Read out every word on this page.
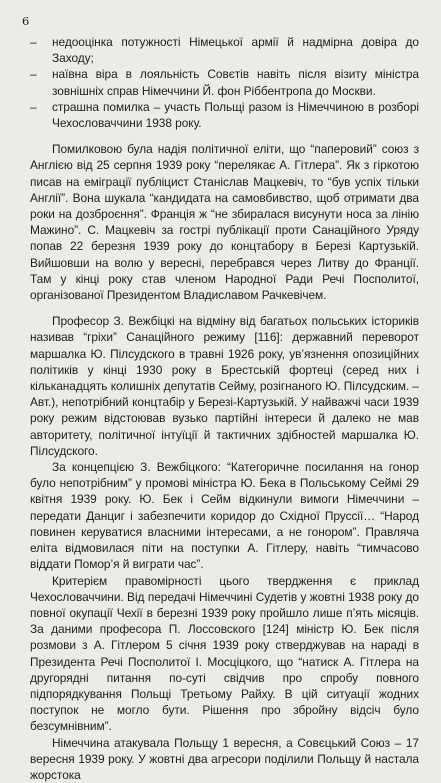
6
– недооцінка потужності Німецької армії й надмірна довіра до Заходу;
– наївна віра в лояльність Совєтів навіть після візиту міністра зовнішніх справ Німеччини Й. фон Ріббентропа до Москви.
– страшна помилка – участь Польщі разом із Німеччиною в розборі Чехословаччини 1938 року.

Помилковою була надія політичної еліти, що “паперовий” союз з Англією від 25 серпня 1939 року “перелякає А. Гітлера”. Як з гіркотою писав на еміграції публіцист Станіслав Мацкевіч, то “був успіх тільки Англії”. Вона шукала “кандидата на самовбивство, щоб отримати два роки на дозброєння”. Франція ж “не збиралася висунути носа за лінію Мажино”. С. Мацкевіч за гострі публікації проти Санаційного Уряду попав 22 березня 1939 року до концтабору в Березі Картузькій. Вийшовши на волю у вересні, перебрався через Литву до Франції. Там у кінці року став членом Народної Ради Речі Посполитої, організованої Президентом Владиславом Рачкевічем.

Професор З. Вежбіцкі на відміну від багатьох польських істориків називав “гріхи” Санаційного режиму [116]: державний переворот маршалка Ю. Пілсудского в травні 1926 року, ув’язнення опозиційних політиків у кінці 1930 року в Брестській фортеці (серед них і кільканадцять колишніх депутатів Сейму, розігнаного Ю. Пілсудским. – Авт.), непотрібний концтабір у Березі-Картузькій. У найважчі часи 1939 року режим відстоював вузько партійні інтереси й далеко не мав авторитету, політичної інтуїції й тактичних здібностей маршалка Ю. Пілсудского.

За концепцією З. Вежбіцкого: “Категоричне посилання на гонор було непотрібним” у промові міністра Ю. Бека в Польському Сеймі 29 квітня 1939 року. Ю. Бек і Сейм відкинули вимоги Німеччини – передати Данциг і забезпечити коридор до Східної Пруссії… “Народ повинен керуватися власними інтересами, а не гонором”. Правляча еліта відмовилася піти на поступки А. Гітлеру, навіть “тимчасово віддати Помор’я й виграти час”.

Критерієм правомірності цього твердження є приклад Чехословаччини. Від передачі Німеччині Судетів у жовтні 1938 року до повної окупації Чехії в березні 1939 року пройшло лише п’ять місяців. За даними професора П. Лоссовского [124] міністр Ю. Бек після розмови з А. Гітлером 5 січня 1939 року стверджував на нараді в Президента Речі Посполитої І. Мосціцкого, що “натиск А. Гітлера на другорядні питання по-суті свідчив про спробу повного підпорядкування Польщі Третьому Райху. В цій ситуації жодних поступок не могло бути. Рішення про збройну відсіч було безсумнівним”.

Німеччина атакувала Польщу 1 вересня, а Совєцький Союз – 17 вересня 1939 року. У жовтні два агресори поділили Польщу й настала жорстока
